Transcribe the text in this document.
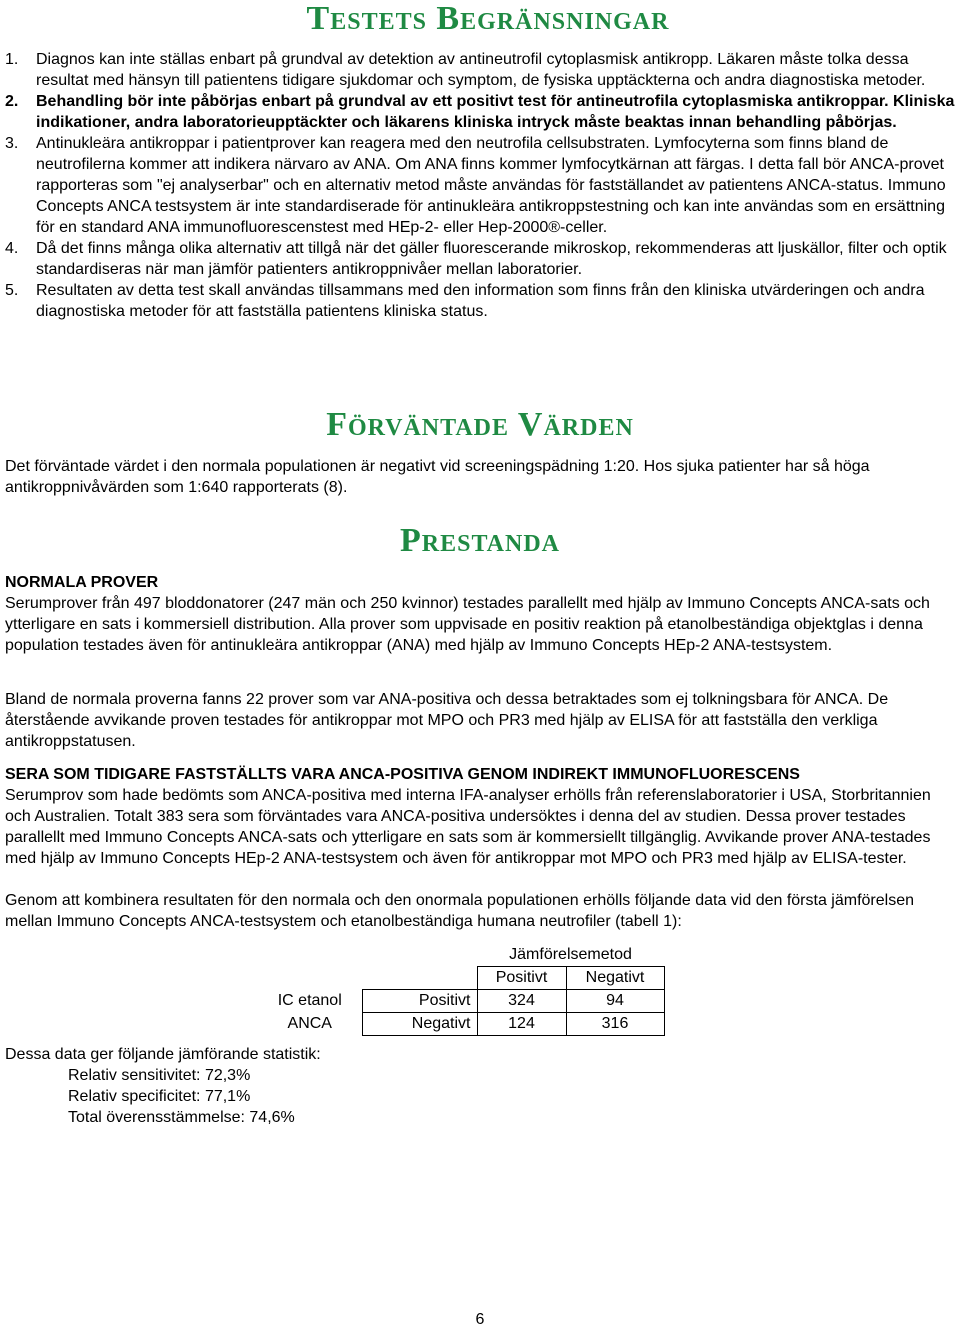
Testets Begränsningar
1.	Diagnos kan inte ställas enbart på grundval av detektion av antineutrofil cytoplasmisk antikropp. Läkaren måste tolka dessa resultat med hänsyn till patientens tidigare sjukdomar och symptom, de fysiska upptäckterna och andra diagnostiska metoder.
2.	Behandling bör inte påbörjas enbart på grundval av ett positivt test för antineutrofila cytoplasmiska antikroppar. Kliniska indikationer, andra laboratorieupptäckter och läkarens kliniska intryck måste beaktas innan behandling påbörjas.
3.	Antinukleära antikroppar i patientprover kan reagera med den neutrofila cellsubstraten. Lymfocyterna som finns bland de neutrofilerna kommer att indikera närvaro av ANA. Om ANA finns kommer lymfocytkärnan att färgas. I detta fall bör ANCA-provet rapporteras som "ej analyserbar" och en alternativ metod måste användas för fastställandet av patientens ANCA-status. Immuno Concepts ANCA testsystem är inte standardiserade för antinukleära antikroppstestning och kan inte användas som en ersättning för en standard ANA immunofluorescenstest med HEp-2- eller Hep-2000®-celler.
4.	Då det finns många olika alternativ att tillgå när det gäller fluorescerande mikroskop, rekommenderas att ljuskällor, filter och optik standardiseras när man jämför patienters antikroppnivåer mellan laboratorier.
5.	Resultaten av detta test skall användas tillsammans med den information som finns från den kliniska utvärderingen och andra diagnostiska metoder för att fastställa patientens kliniska status.
Förväntade Värden

Det förväntade värdet i den normala populationen är negativt vid screeningspädning 1:20. Hos sjuka patienter har så höga antikroppnivåvärden som 1:640 rapporterats (8).

Prestanda

NORMALA PROVER

Serumprover från 497 bloddonatorer (247 män och 250 kvinnor) testades parallellt med hjälp av Immuno Concepts ANCA-sats och ytterligare en sats i kommersiell distribution. Alla prover som uppvisade en positiv reaktion på etanolbeständiga objektglas i denna population testades även för antinukleära antikroppar (ANA) med hjälp av Immuno Concepts HEp-2 ANA-testsystem.

Bland de normala proverna fanns 22 prover som var ANA-positiva och dessa betraktades som ej tolkningsbara för ANCA. De återstående avvikande proven testades för antikroppar mot MPO och PR3 med hjälp av ELISA för att fastställa den verkliga antikroppstatusen.

SERA SOM TIDIGARE FASTSTÄLLTS VARA ANCA-POSITIVA GENOM INDIREKT IMMUNOFLUORESCENS

Serumprov som hade bedömts som ANCA-positiva med interna IFA-analyser erhölls från referenslaboratorier i USA, Storbritannien och Australien. Totalt 383 sera som förväntades vara ANCA-positiva undersöktes i denna del av studien. Dessa prover testades parallellt med Immuno Concepts ANCA-sats och ytterligare en sats som är kommersiellt tillgänglig. Avvikande prover ANA-testades med hjälp av Immuno Concepts HEp-2 ANA-testsystem och även för antikroppar mot MPO och PR3 med hjälp av ELISA-tester.

Genom att kombinera resultaten för den normala och den onormala populationen erhölls följande data vid den första jämförelsen mellan Immuno Concepts ANCA-testsystem och etanolbeständiga humana neutrofiler (tabell 1):

		Jämförelsemetod	
		Positivt	Negativt
IC etanol	Positivt	324	94
ANCA	Negativt	124	316
Dessa data ger följande jämförande statistik:
Relativ sensitivitet: 72,3%
Relativ specificitet: 77,1%
Total överensstämmelse: 74,6%
6
